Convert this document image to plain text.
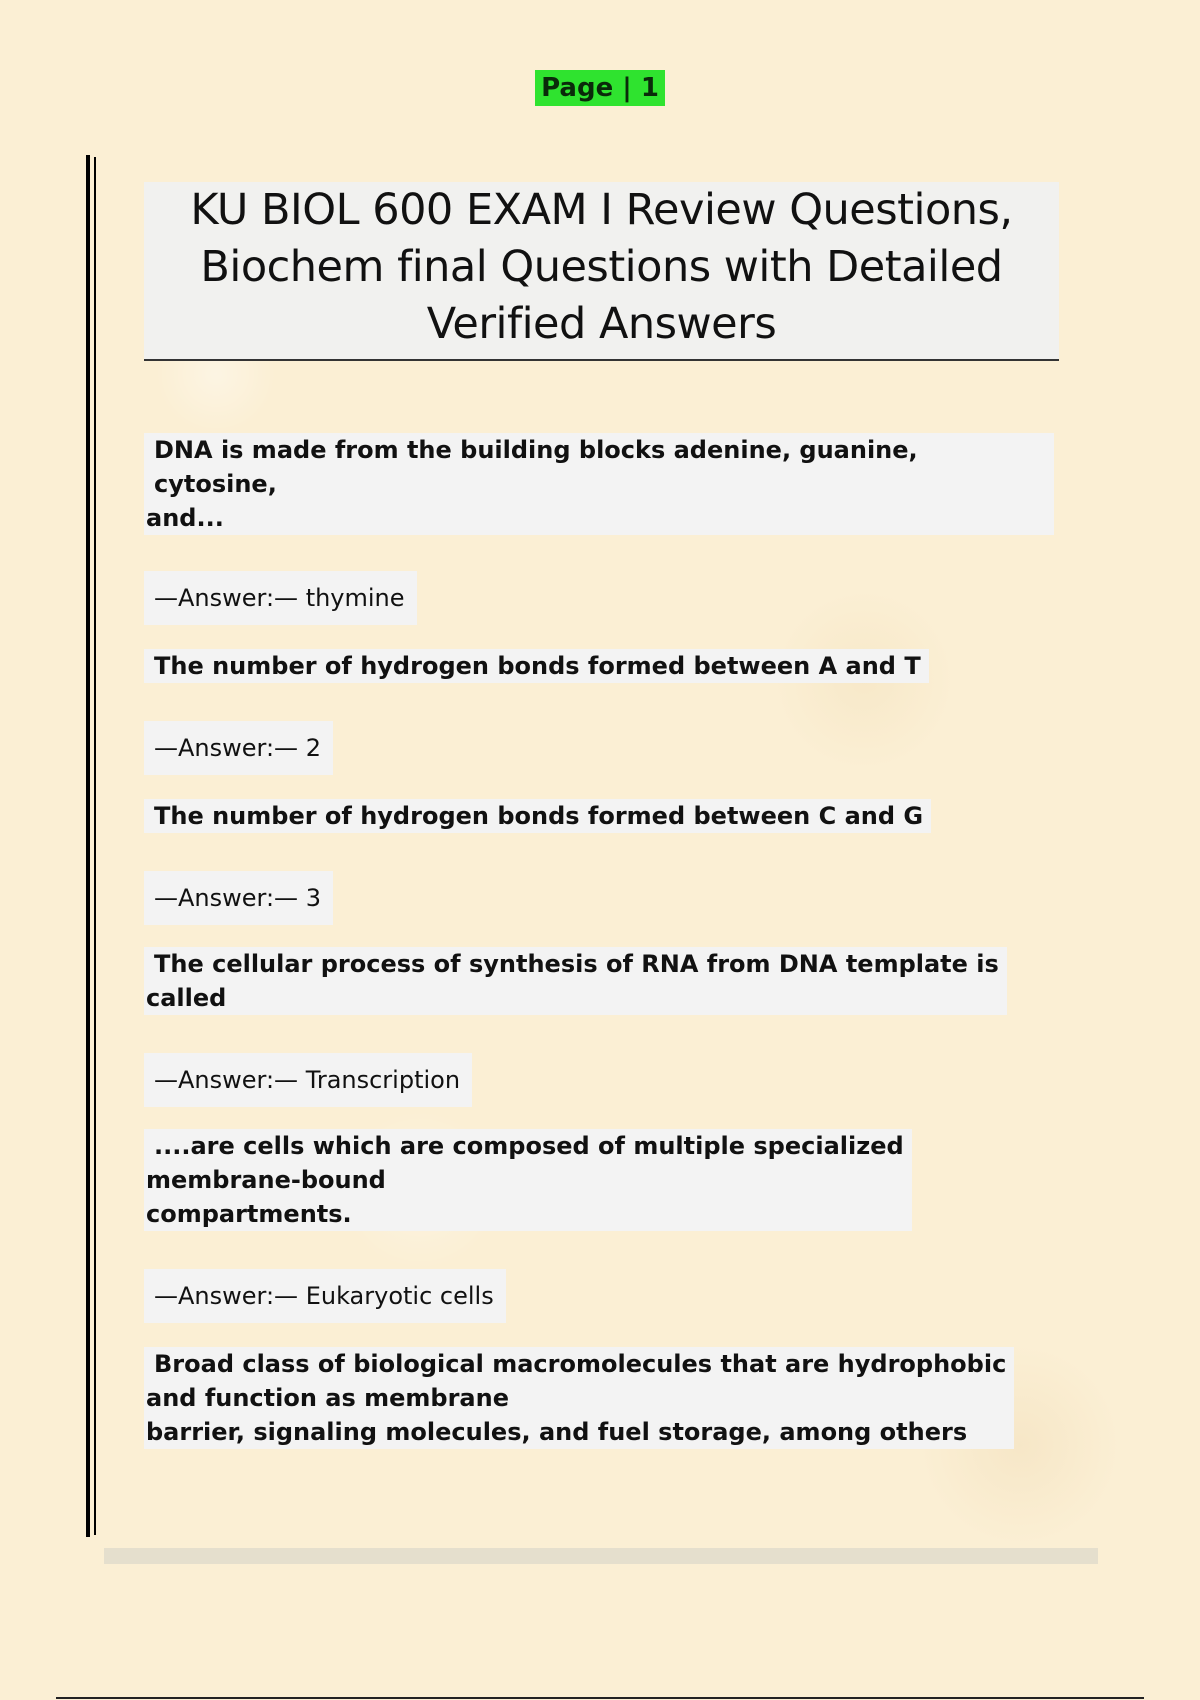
Page | 1
KU BIOL 600 EXAM I Review Questions,
Biochem final Questions with Detailed
Verified Answers
DNA is made from the building blocks adenine, guanine, cytosine,
and...
—Answer:— thymine
The number of hydrogen bonds formed between A and T
—Answer:— 2
The number of hydrogen bonds formed between C and G
—Answer:— 3
The cellular process of synthesis of RNA from DNA template is
called
—Answer:— Transcription
....are cells which are composed of multiple specialized
membrane-bound
compartments.
—Answer:— Eukaryotic cells
Broad class of biological macromolecules that are hydrophobic
and function as membrane
barrier, signaling molecules, and fuel storage, among others
